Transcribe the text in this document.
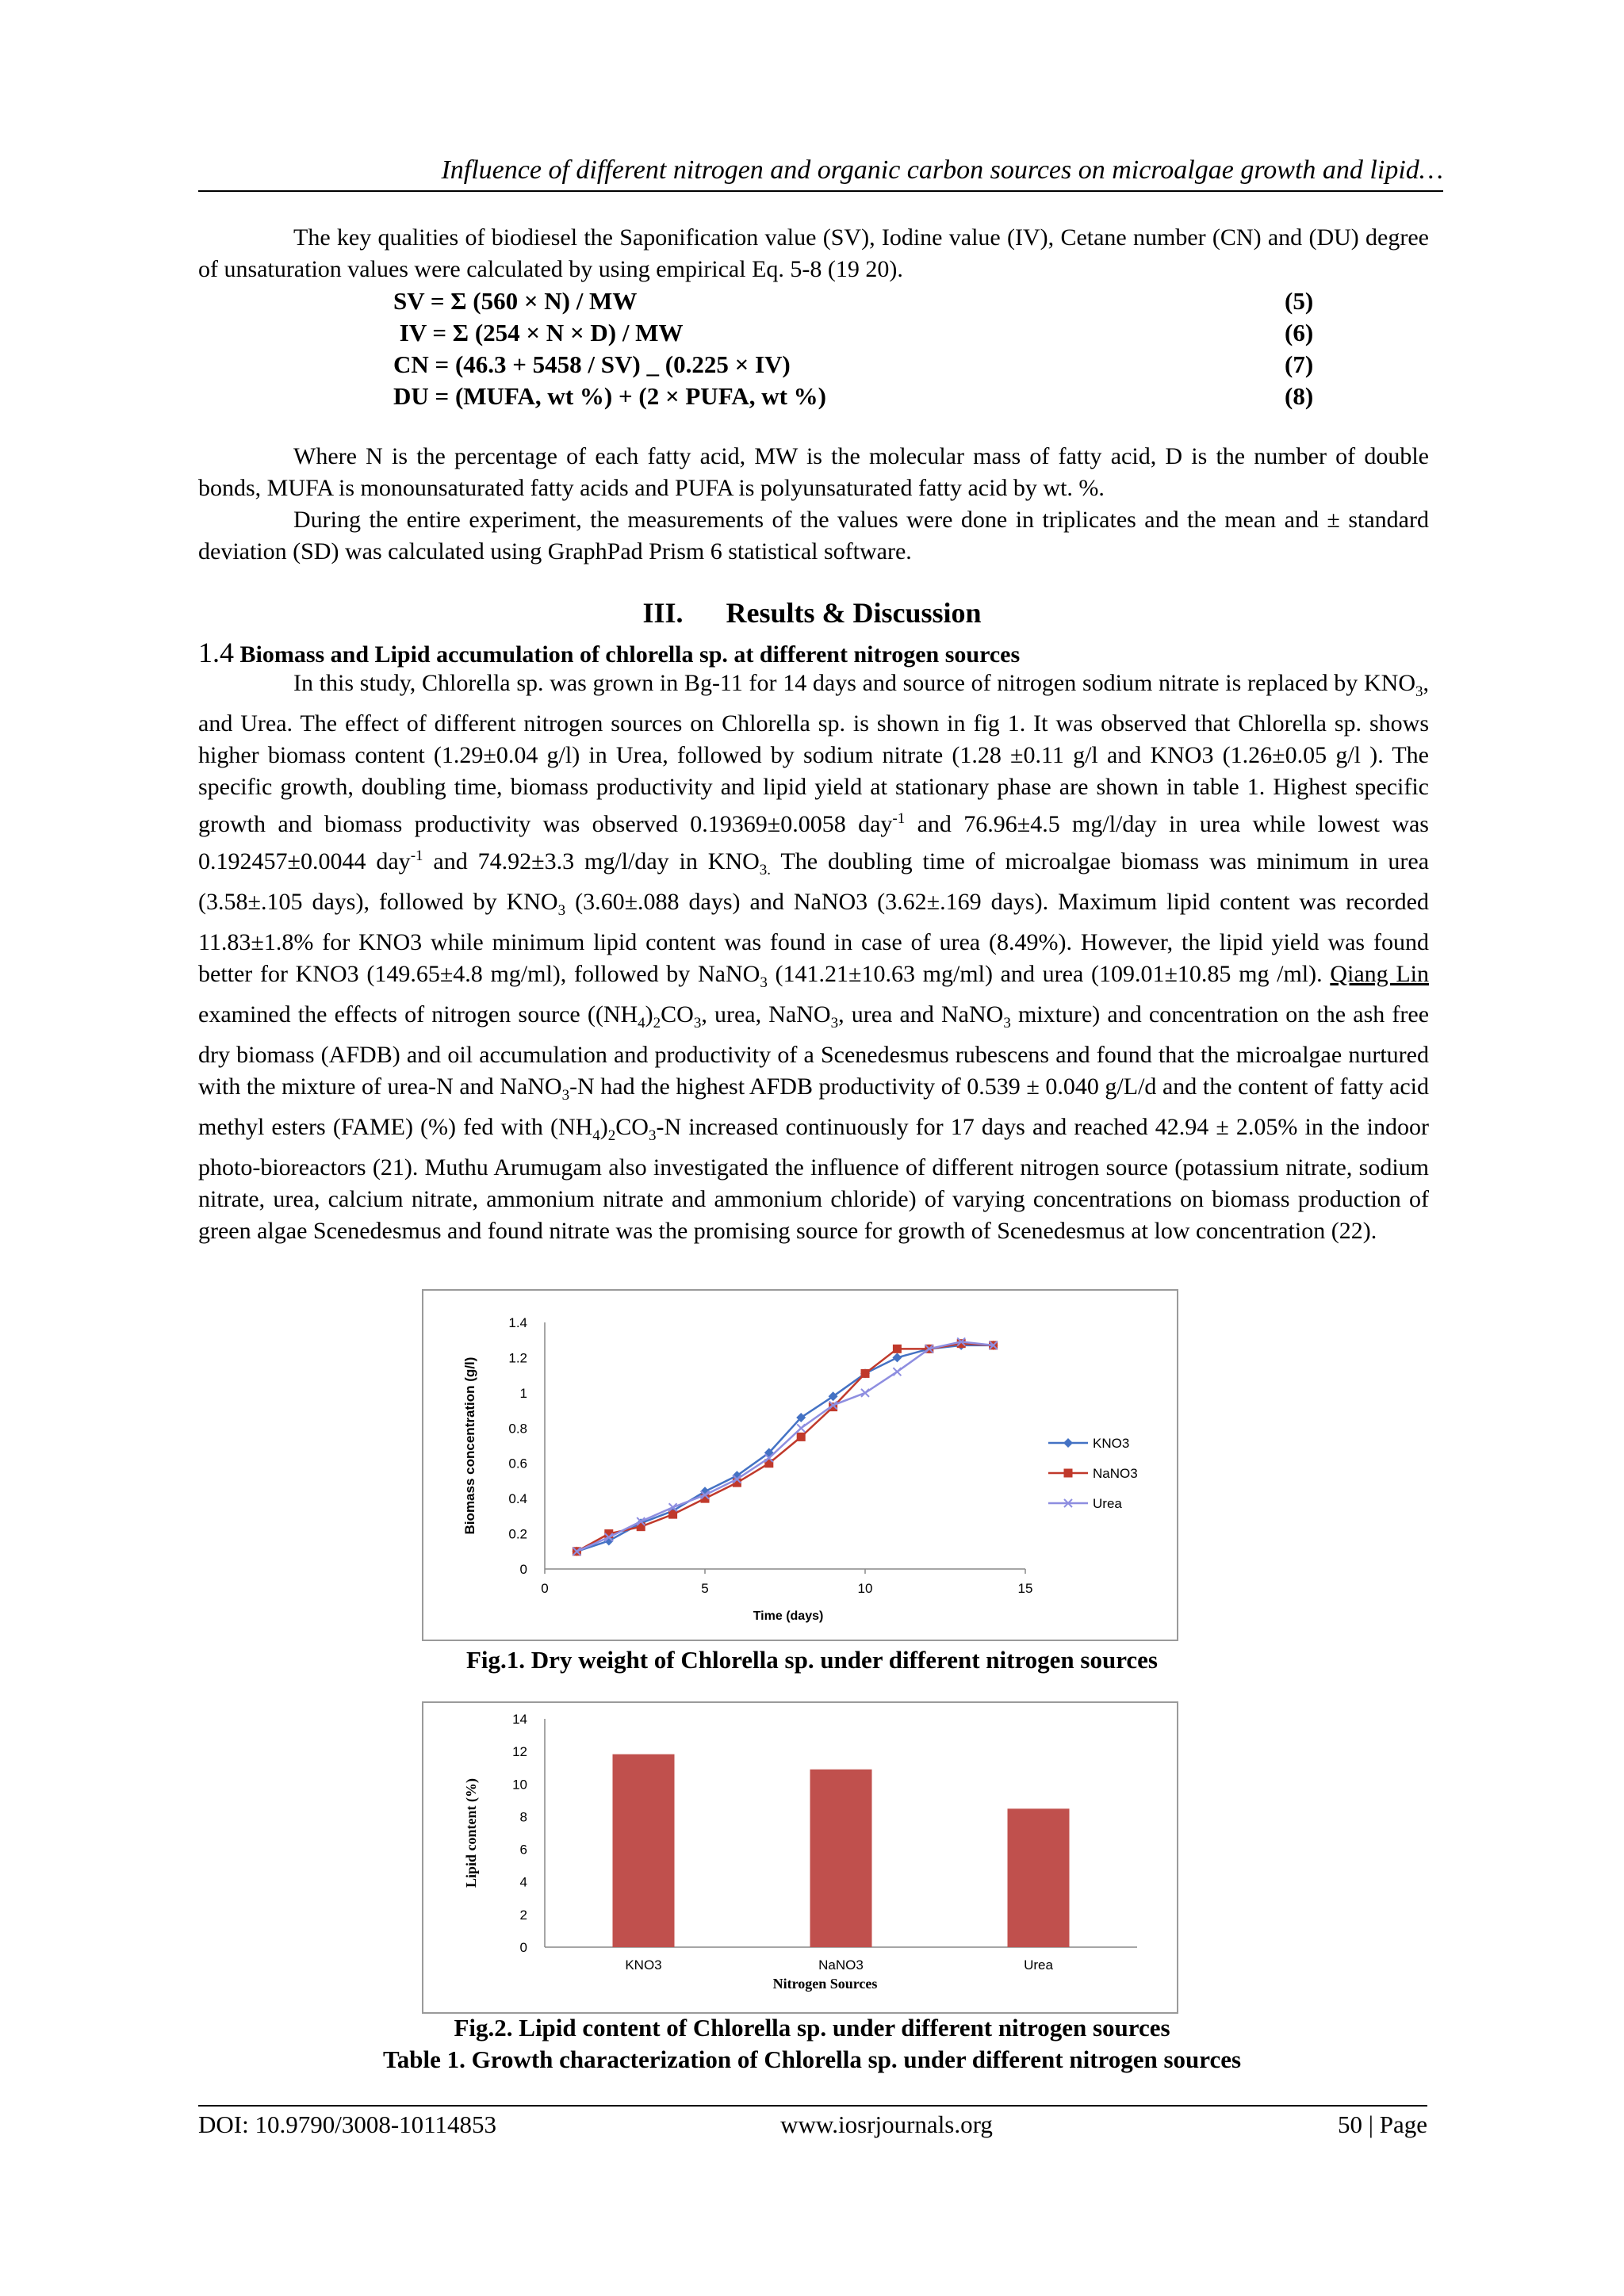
Influence of different nitrogen and organic carbon sources on microalgae growth and lipid…

The key qualities of biodiesel the Saponification value (SV), Iodine value (IV), Cetane number (CN) and (DU) degree of unsaturation values were calculated by using empirical Eq. 5-8 (19 20).

SV = Σ (560 × N) / MW	(5)
IV = Σ (254 × N × D) / MW	(6)
CN = (46.3 + 5458 / SV) _ (0.225 × IV)	(7)
DU = (MUFA, wt %) + (2 × PUFA, wt %)	(8)

Where N is the percentage of each fatty acid, MW is the molecular mass of fatty acid, D is the number of double bonds, MUFA is monounsaturated fatty acids and PUFA is polyunsaturated fatty acid by wt. %.

During the entire experiment, the measurements of the values were done in triplicates and the mean and ± standard deviation (SD) was calculated using GraphPad Prism 6 statistical software.

III.      Results & Discussion
1.4 Biomass and Lipid accumulation of chlorella sp. at different nitrogen sources

In this study, Chlorella sp. was grown in Bg-11 for 14 days and source of nitrogen sodium nitrate is replaced by $KNO_3$, and Urea. The effect of different nitrogen sources on Chlorella sp. is shown in fig 1. It was observed that Chlorella sp. shows higher biomass content (1.29±0.04 g/l) in Urea, followed by sodium nitrate (1.28 ±0.11 g/l and KNO3 (1.26±0.05 g/l ). The specific growth, doubling time, biomass productivity and lipid yield at stationary phase are shown in table 1. Highest specific growth and biomass productivity was observed 0.19369±0.0058 day$^{-1}$ and 76.96±4.5 mg/l/day in urea while lowest was 0.192457±0.0044 day$^{-1}$ and 74.92±3.3 mg/l/day in $KNO_{3.}$ The doubling time of microalgae biomass was minimum in urea (3.58±.105 days), followed by $KNO_3$ (3.60±.088 days) and NaNO3 (3.62±.169 days). Maximum lipid content was recorded 11.83±1.8% for KNO3 while minimum lipid content was found in case of urea (8.49%). However, the lipid yield was found better for KNO3 (149.65±4.8 mg/ml), followed by NaNO$_3$ (141.21±10.63 mg/ml) and urea (109.01±10.85 mg /ml). Qiang Lin examined the effects of nitrogen source ($(NH_4)_2CO_3$, urea, NaNO$_3$, urea and NaNO$_3$ mixture) and concentration on the ash free dry biomass (AFDB) and oil accumulation and productivity of a Scenedesmus rubescens and found that the microalgae nurtured with the mixture of urea-N and NaNO$_3$-N had the highest AFDB productivity of 0.539 ± 0.040 g/L/d and the content of fatty acid methyl esters (FAME) (%) fed with $(NH_4)_2CO_3-N$ increased continuously for 17 days and reached 42.94 ± 2.05% in the indoor photo-bioreactors (21). Muthu Arumugam also investigated the influence of different nitrogen source (potassium nitrate, sodium nitrate, urea, calcium nitrate, ammonium nitrate and ammonium chloride) of varying concentrations on biomass production of green algae Scenedesmus and found nitrate was the promising source for growth of Scenedesmus at low concentration (22).

0
0.2
0.4
0.6
0.8
1
1.2
1.4
0	5	10	15
Time (days)
Biomass concentration (g/l)	KNO3
NaNO3
Urea
Fig.1. Dry weight of Chlorella sp. under different nitrogen sources
0
2
4
6
8
10
12
14
KNO3	NaNO3	Urea
Nitrogen Sources
Lipid content (%)
Fig.2. Lipid content of Chlorella sp. under different nitrogen sources
Table 1. Growth characterization of Chlorella sp. under different nitrogen sources
DOI: 10.9790/3008-10114853	www.iosrjournals.org	50 | Page
